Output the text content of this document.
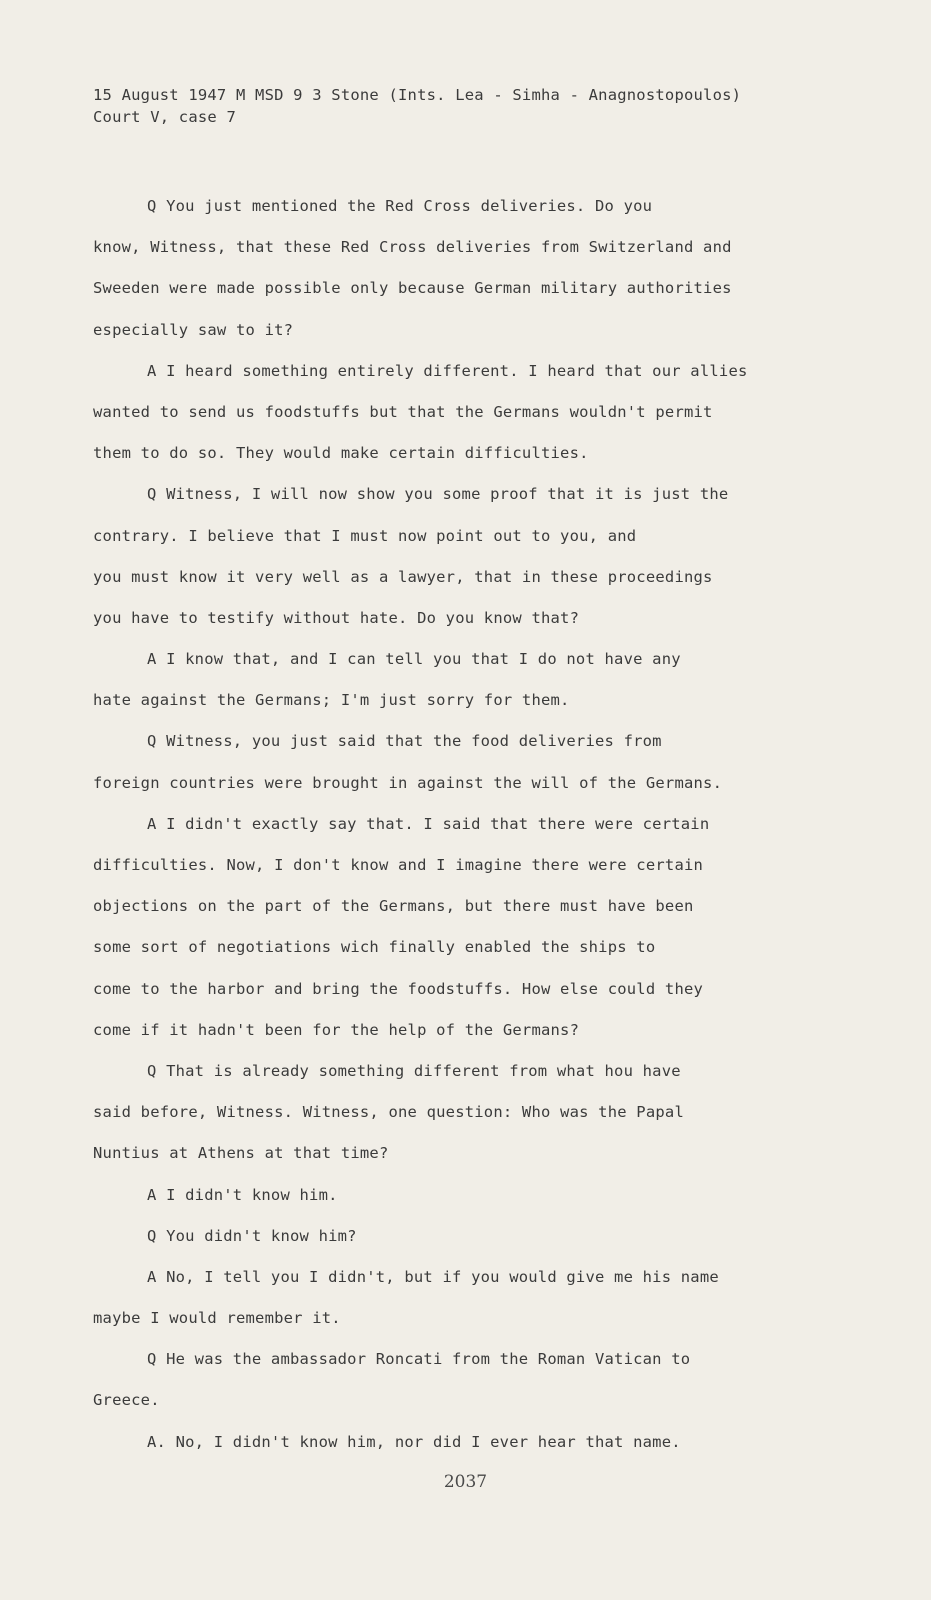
15 August 1947 M MSD 9 3 Stone (Ints. Lea - Simha - Anagnostopoulos)
Court V, case 7
Q You just mentioned the Red Cross deliveries. Do you
know, Witness, that these Red Cross deliveries from Switzerland and
Sweeden were made possible only because German military authorities
especially saw to it?
A I heard something entirely different. I heard that our allies
wanted to send us foodstuffs but that the Germans wouldn't permit
them to do so. They would make certain difficulties.
Q Witness, I will now show you some proof that it is just the
contrary. I believe that I must now point out to you, and
you must know it very well as a lawyer, that in these proceedings
you have to testify without hate. Do you know that?
A I know that, and I can tell you that I do not have any
hate against the Germans; I'm just sorry for them.
Q Witness, you just said that the food deliveries from
foreign countries were brought in against the will of the Germans.
A I didn't exactly say that. I said that there were certain
difficulties. Now, I don't know and I imagine there were certain
objections on the part of the Germans, but there must have been
some sort of negotiations wich finally enabled the ships to
come to the harbor and bring the foodstuffs. How else could they
come if it hadn't been for the help of the Germans?
Q That is already something different from what hou have
said before, Witness. Witness, one question: Who was the Papal
Nuntius at Athens at that time?
A I didn't know him.
Q You didn't know him?
A No, I tell you I didn't, but if you would give me his name
maybe I would remember it.
Q He was the ambassador Roncati from the Roman Vatican to
Greece.
A. No, I didn't know him, nor did I ever hear that name.
2037
